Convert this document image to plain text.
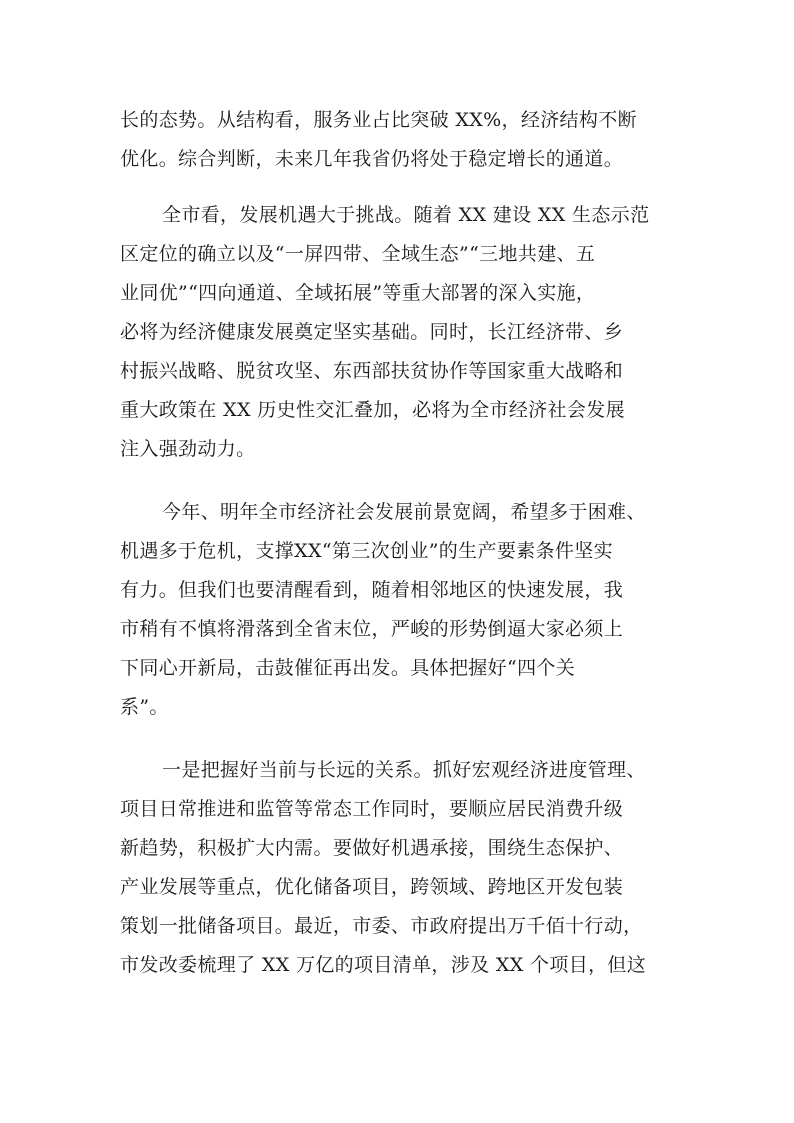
长的态势。从结构看，服务业占比突破 XX%，经济结构不断
优化。综合判断，未来几年我省仍将处于稳定增长的通道。
全市看，发展机遇大于挑战。随着 XX 建设 XX 生态示范
区定位的确立以及“一屏四带、全域生态”“三地共建、五
业同优”“四向通道、全域拓展”等重大部署的深入实施，
必将为经济健康发展奠定坚实基础。同时，长江经济带、乡
村振兴战略、脱贫攻坚、东西部扶贫协作等国家重大战略和
重大政策在 XX 历史性交汇叠加，必将为全市经济社会发展
注入强劲动力。
今年、明年全市经济社会发展前景宽阔，希望多于困难、
机遇多于危机，支撑XX“第三次创业”的生产要素条件坚实
有力。但我们也要清醒看到，随着相邻地区的快速发展，我
市稍有不慎将滑落到全省末位，严峻的形势倒逼大家必须上
下同心开新局，击鼓催征再出发。具体把握好“四个关
系”。
一是把握好当前与长远的关系。抓好宏观经济进度管理、
项目日常推进和监管等常态工作同时，要顺应居民消费升级
新趋势，积极扩大内需。要做好机遇承接，围绕生态保护、
产业发展等重点，优化储备项目，跨领域、跨地区开发包装
策划一批储备项目。最近，市委、市政府提出万千佰十行动，
市发改委梳理了 XX 万亿的项目清单，涉及 XX 个项目，但这
